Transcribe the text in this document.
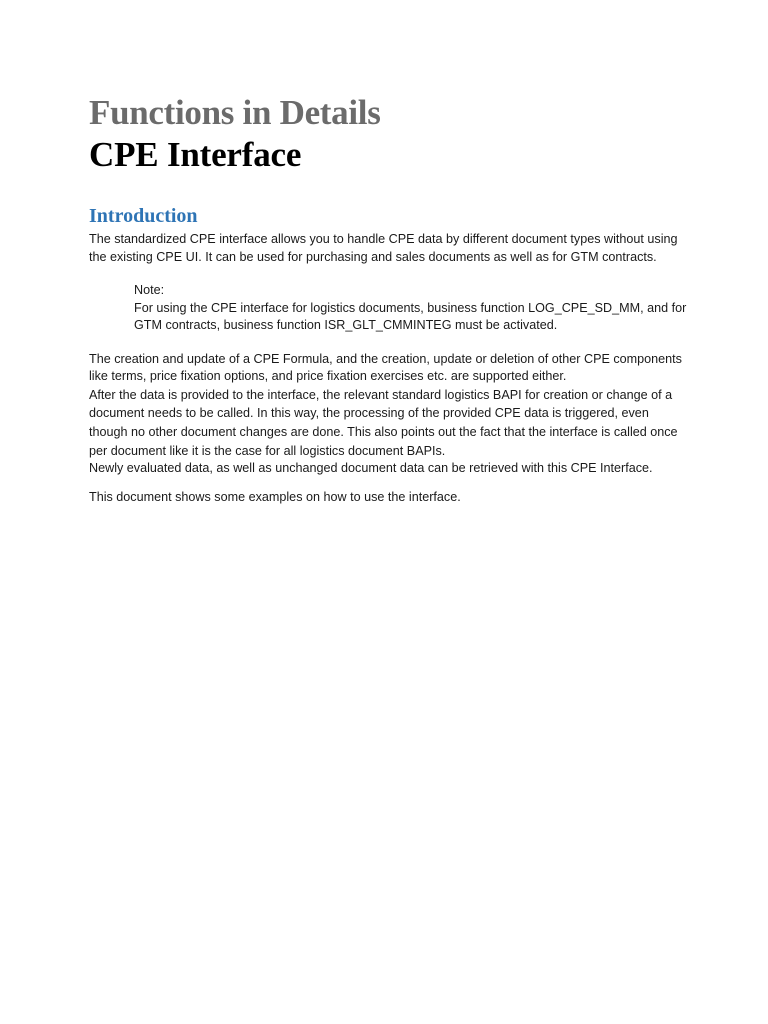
Functions in Details
CPE Interface
Introduction

The standardized CPE interface allows you to handle CPE data by different document types without using the existing CPE UI. It can be used for purchasing and sales documents as well as for GTM contracts.

Note:

For using the CPE interface for logistics documents, business function LOG_CPE_SD_MM, and for GTM contracts, business function ISR_GLT_CMMINTEG must be activated.

The creation and update of a CPE Formula, and the creation, update or deletion of other CPE components like terms, price fixation options, and price fixation exercises etc. are supported either.

After the data is provided to the interface, the relevant standard logistics BAPI for creation or change of a document needs to be called. In this way, the processing of the provided CPE data is triggered, even though no other document changes are done. This also points out the fact that the interface is called once per document like it is the case for all logistics document BAPIs.

Newly evaluated data, as well as unchanged document data can be retrieved with this CPE Interface.

This document shows some examples on how to use the interface.
